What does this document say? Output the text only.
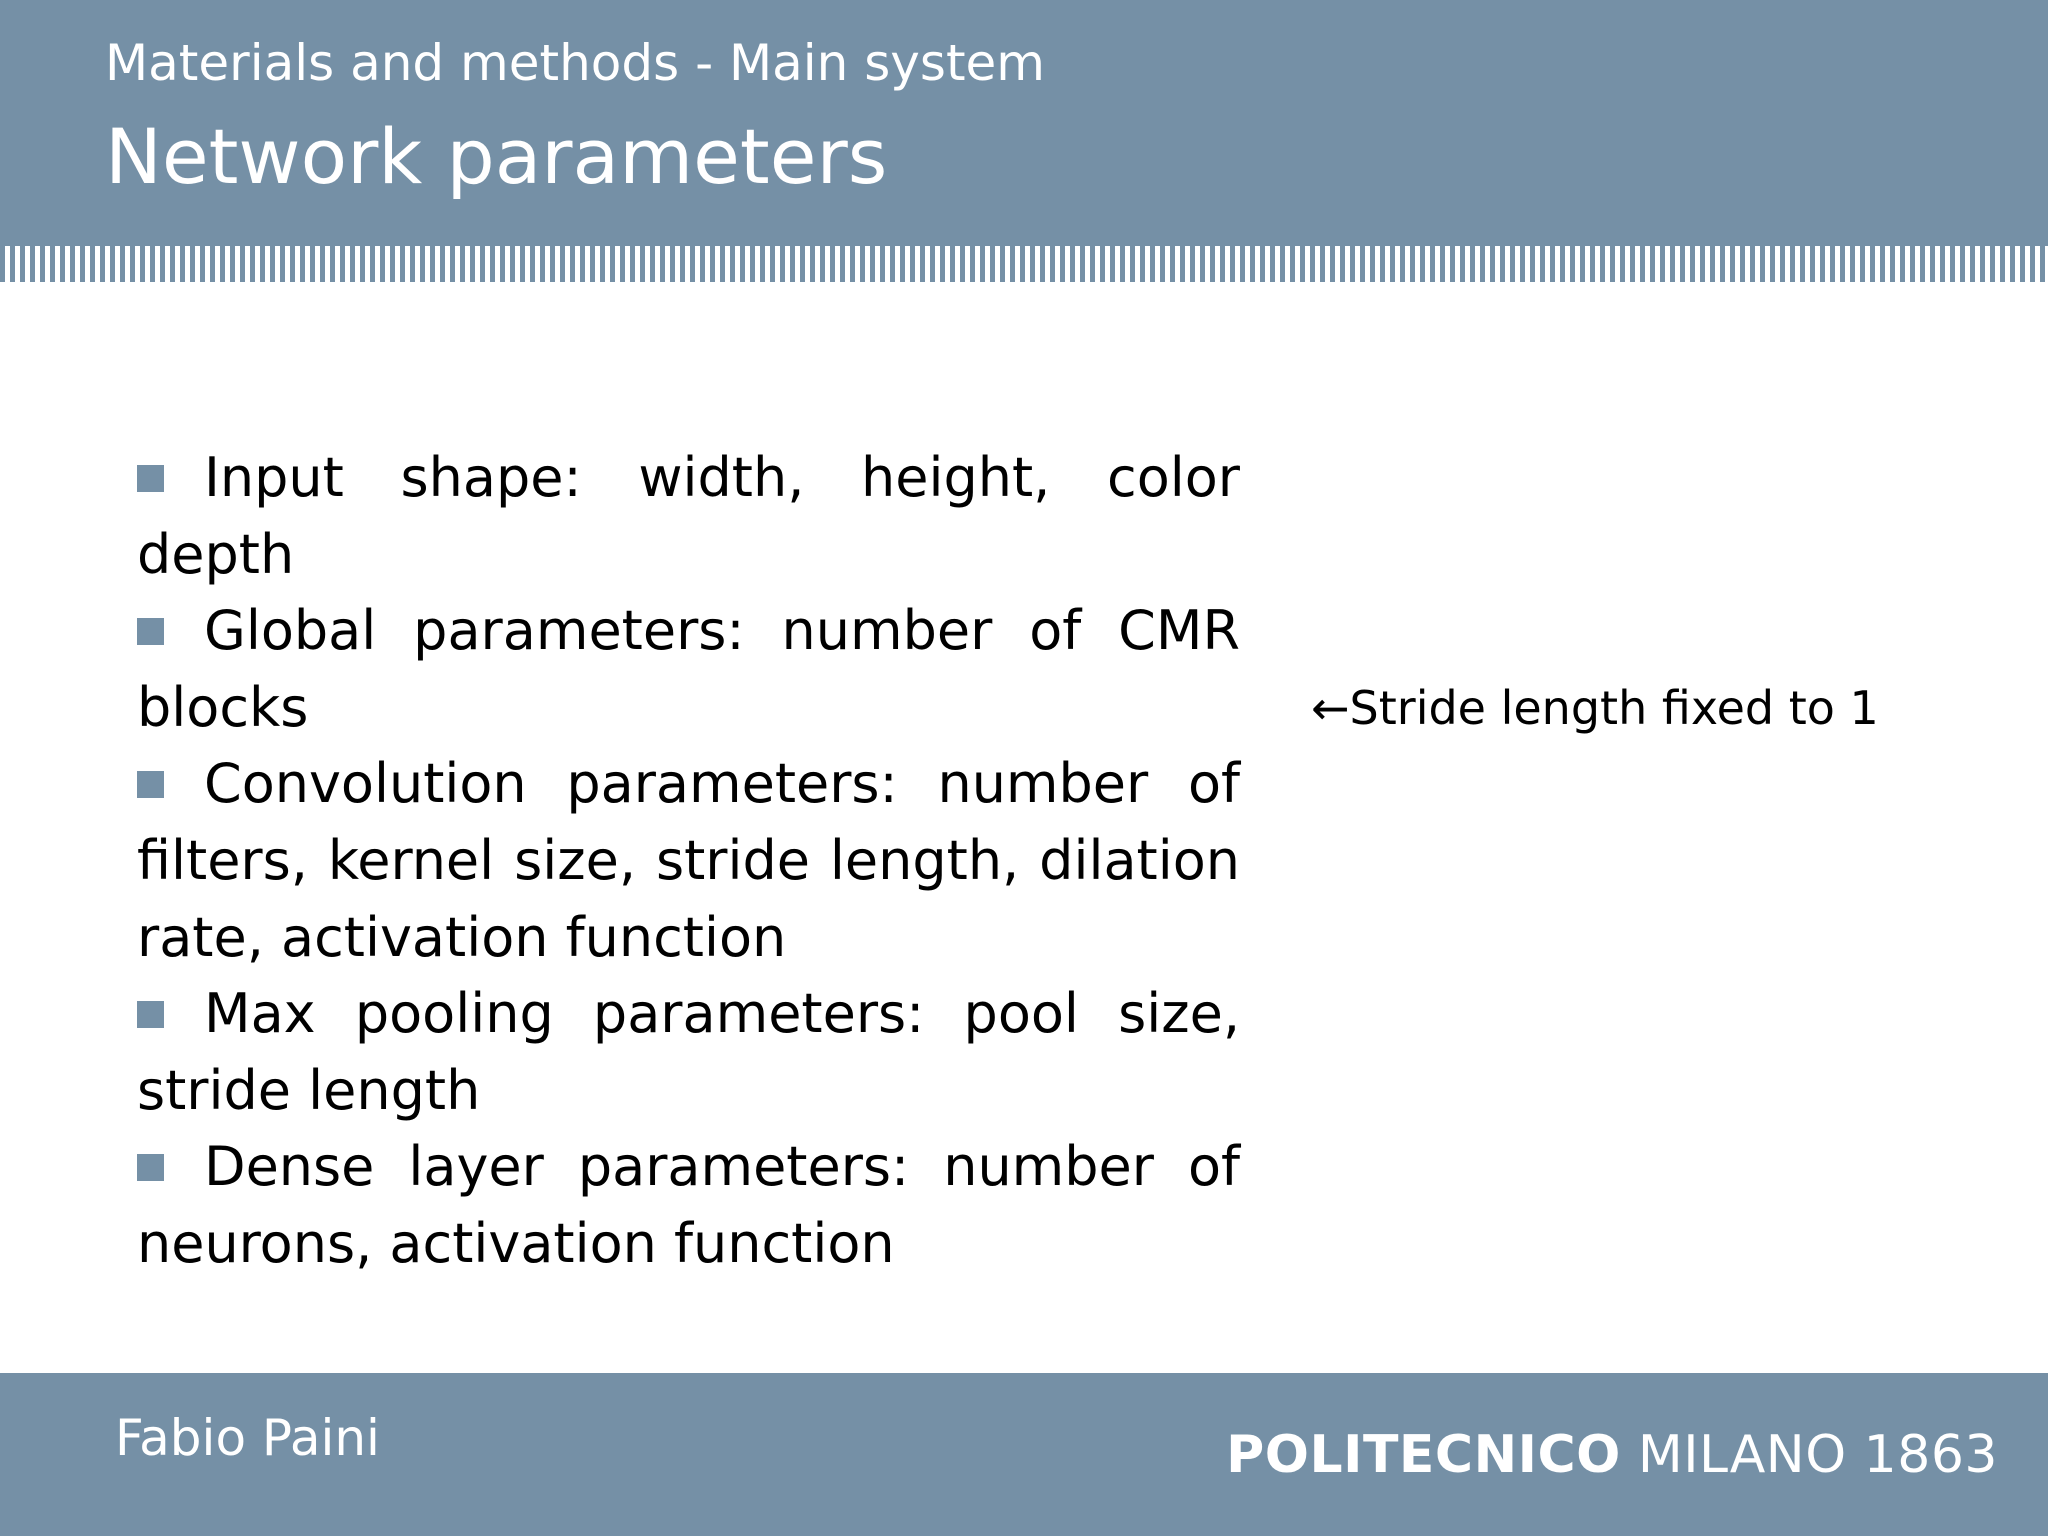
Materials and methods - Main system
Network parameters

Input shape: width, height, color depth

Global parameters: number of CMR blocks

Convolution parameters: number of filters, kernel size, stride length, dilation rate, activation function

Max pooling parameters: pool size, stride length

Dense layer parameters: number of neurons, activation function

←Stride length fixed to 1
Fabio Paini	POLITECNICO MILANO 1863
